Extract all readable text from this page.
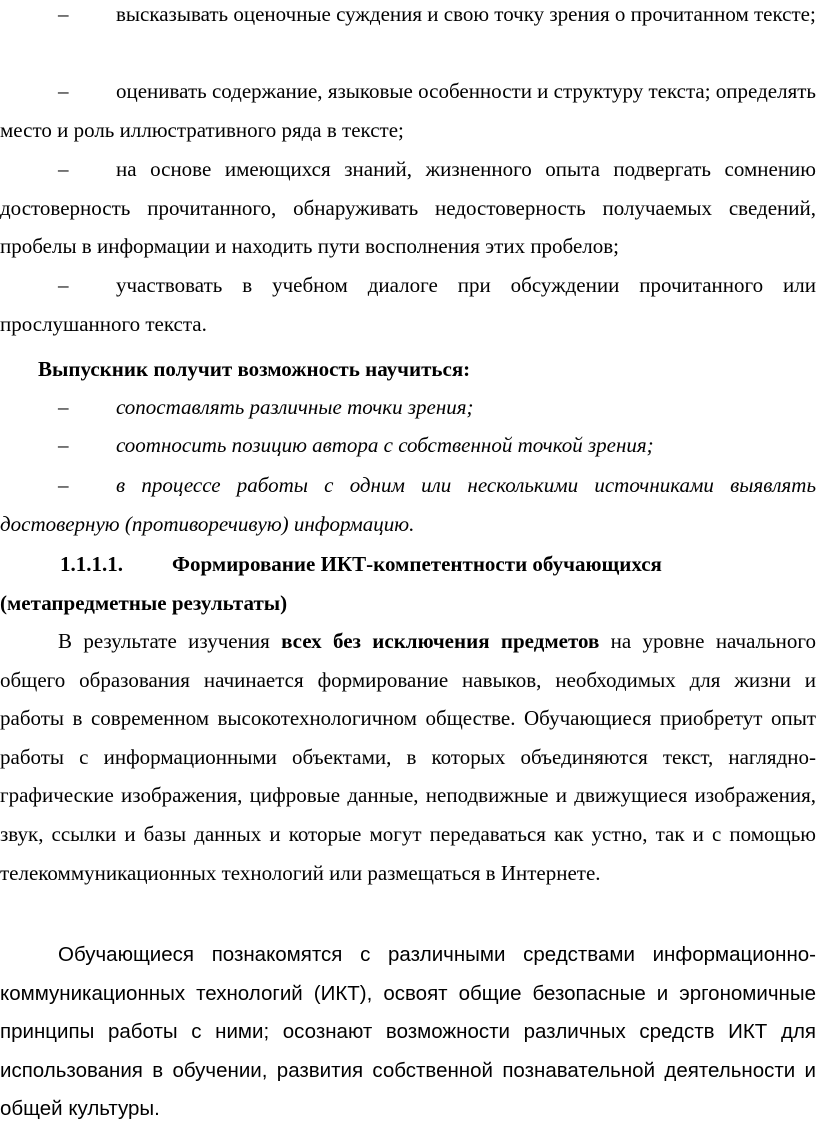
– высказывать оценочные суждения и свою точку зрения о прочитанном тексте;

– оценивать содержание, языковые особенности и структуру текста; определять место и роль иллюстративного ряда в тексте;

– на основе имеющихся знаний, жизненного опыта подвергать сомнению достоверность прочитанного, обнаруживать недостоверность получаемых сведений, пробелы в информации и находить пути восполнения этих пробелов;

– участвовать в учебном диалоге при обсуждении прочитанного или прослушанного текста.

Выпускник получит возможность научиться:

– сопоставлять различные точки зрения;

– соотносить позицию автора с собственной точкой зрения;

– в процессе работы с одним или несколькими источниками выявлять достоверную (противоречивую) информацию.

1.1.1.1. Формирование ИКТ-компетентности обучающихся

(метапредметные результаты)

В результате изучения всех без исключения предметов на уровне начального общего образования начинается формирование навыков, необходимых для жизни и работы в современном высокотехнологичном обществе. Обучающиеся приобретут опыт работы с информационными объектами, в которых объединяются текст, наглядно-графические изображения, цифровые данные, неподвижные и движущиеся изображения, звук, ссылки и базы данных и которые могут передаваться как устно, так и с помощью телекоммуникационных технологий или размещаться в Интернете.

Обучающиеся познакомятся с различными средствами информационно-коммуникационных технологий (ИКТ), освоят общие безопасные и эргономичные принципы работы с ними; осознают возможности различных средств ИКТ для использования в обучении, развития собственной познавательной деятельности и общей культуры.
